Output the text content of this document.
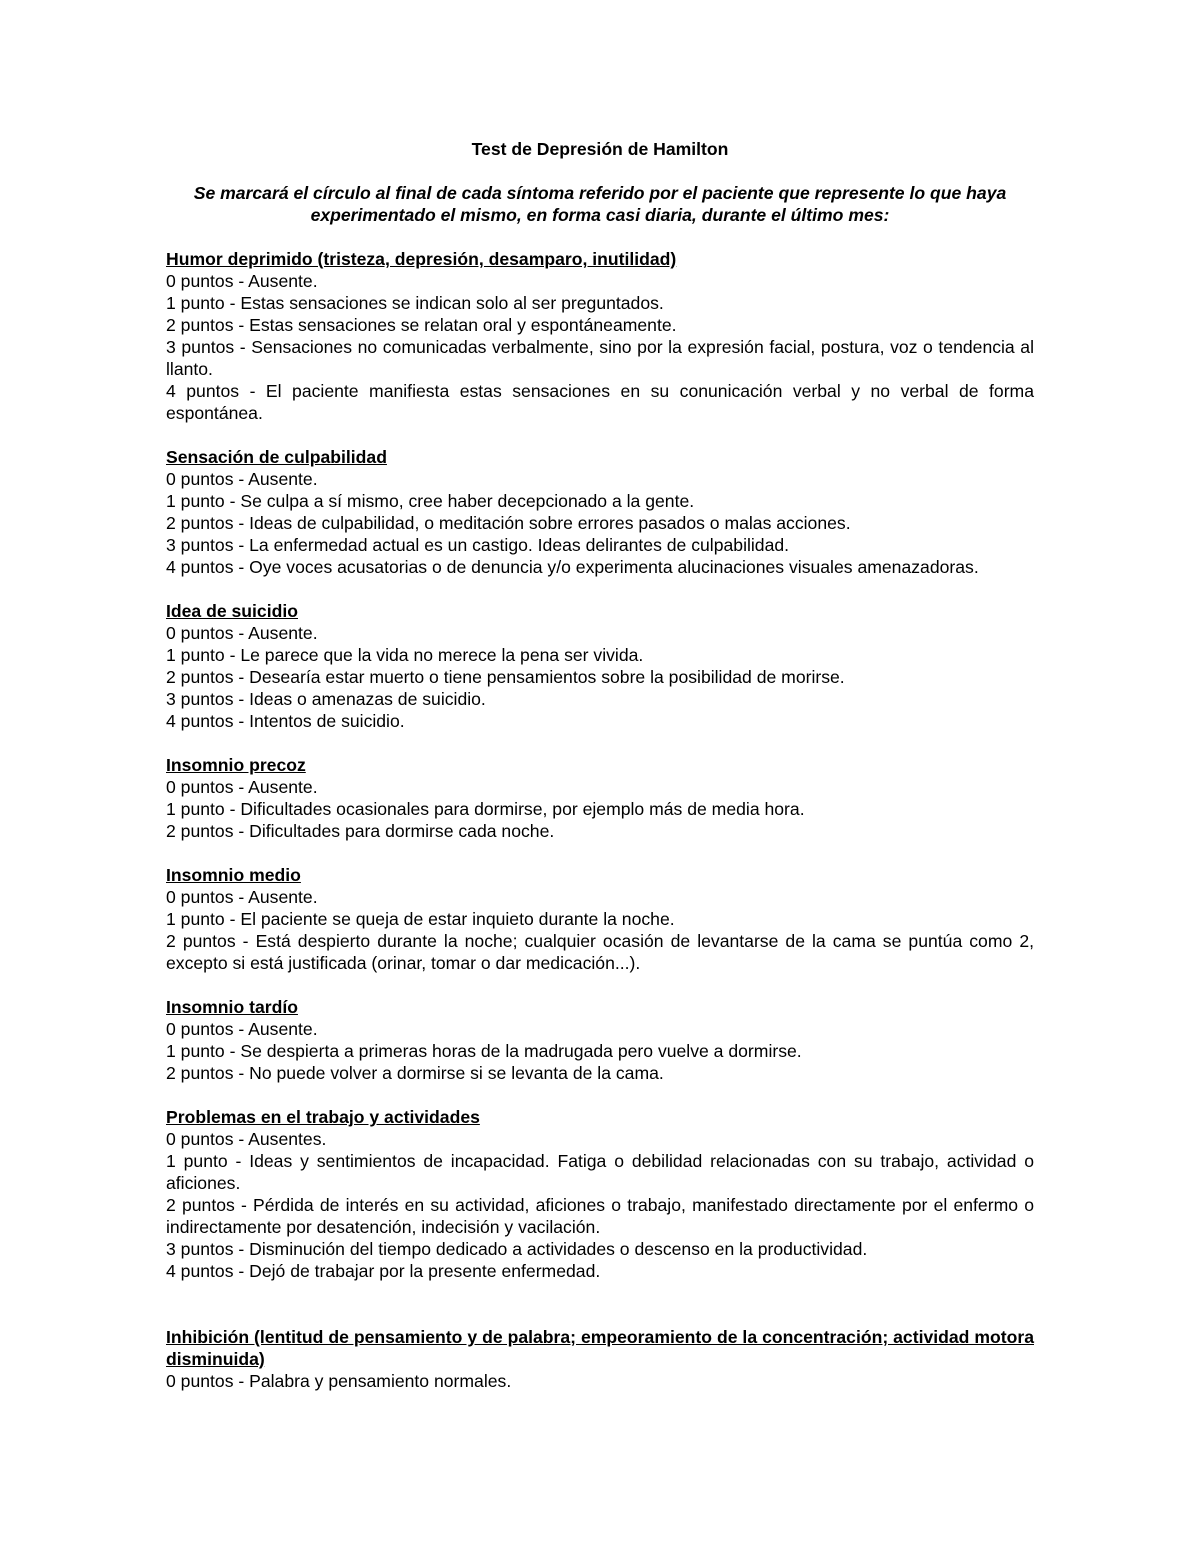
Test de Depresión de Hamilton

Se marcará el círculo al final de cada síntoma referido por el paciente que represente lo que haya experimentado el mismo, en forma casi diaria, durante el último mes:

Humor deprimido (tristeza, depresión, desamparo, inutilidad)

0 puntos - Ausente.

1 punto - Estas sensaciones se indican solo al ser preguntados.

2 puntos - Estas sensaciones se relatan oral y espontáneamente.

3 puntos - Sensaciones no comunicadas verbalmente, sino por la expresión facial, postura, voz o tendencia al llanto.

4 puntos - El paciente manifiesta estas sensaciones en su conunicación verbal y no verbal de forma espontánea.

Sensación de culpabilidad

0 puntos - Ausente.

1 punto - Se culpa a sí mismo, cree haber decepcionado a la gente.

2 puntos - Ideas de culpabilidad, o meditación sobre errores pasados o malas acciones.

3 puntos - La enfermedad actual es un castigo. Ideas delirantes de culpabilidad.

4 puntos - Oye voces acusatorias o de denuncia y/o experimenta alucinaciones visuales amenazadoras.

Idea de suicidio

0 puntos - Ausente.

1 punto - Le parece que la vida no merece la pena ser vivida.

2 puntos - Desearía estar muerto o tiene pensamientos sobre la posibilidad de morirse.

3 puntos - Ideas o amenazas de suicidio.

4 puntos - Intentos de suicidio.

Insomnio precoz

0 puntos - Ausente.

1 punto - Dificultades ocasionales para dormirse, por ejemplo más de media hora.

2 puntos - Dificultades para dormirse cada noche.

Insomnio medio

0 puntos - Ausente.

1 punto - El paciente se queja de estar inquieto durante la noche.

2 puntos - Está despierto durante la noche; cualquier ocasión de levantarse de la cama se puntúa como 2, excepto si está justificada (orinar, tomar o dar medicación...).

Insomnio tardío

0 puntos - Ausente.

1 punto - Se despierta a primeras horas de la madrugada pero vuelve a dormirse.

2 puntos - No puede volver a dormirse si se levanta de la cama.

Problemas en el trabajo y actividades

0 puntos - Ausentes.

1 punto - Ideas y sentimientos de incapacidad. Fatiga o debilidad relacionadas con su trabajo, actividad o aficiones.

2 puntos - Pérdida de interés en su actividad, aficiones o trabajo, manifestado directamente por el enfermo o indirectamente por desatención, indecisión y vacilación.

3 puntos - Disminución del tiempo dedicado a actividades o descenso en la productividad.

4 puntos - Dejó de trabajar por la presente enfermedad.

Inhibición (lentitud de pensamiento y de palabra; empeoramiento de la concentración; actividad motora disminuida)

0 puntos - Palabra y pensamiento normales.
